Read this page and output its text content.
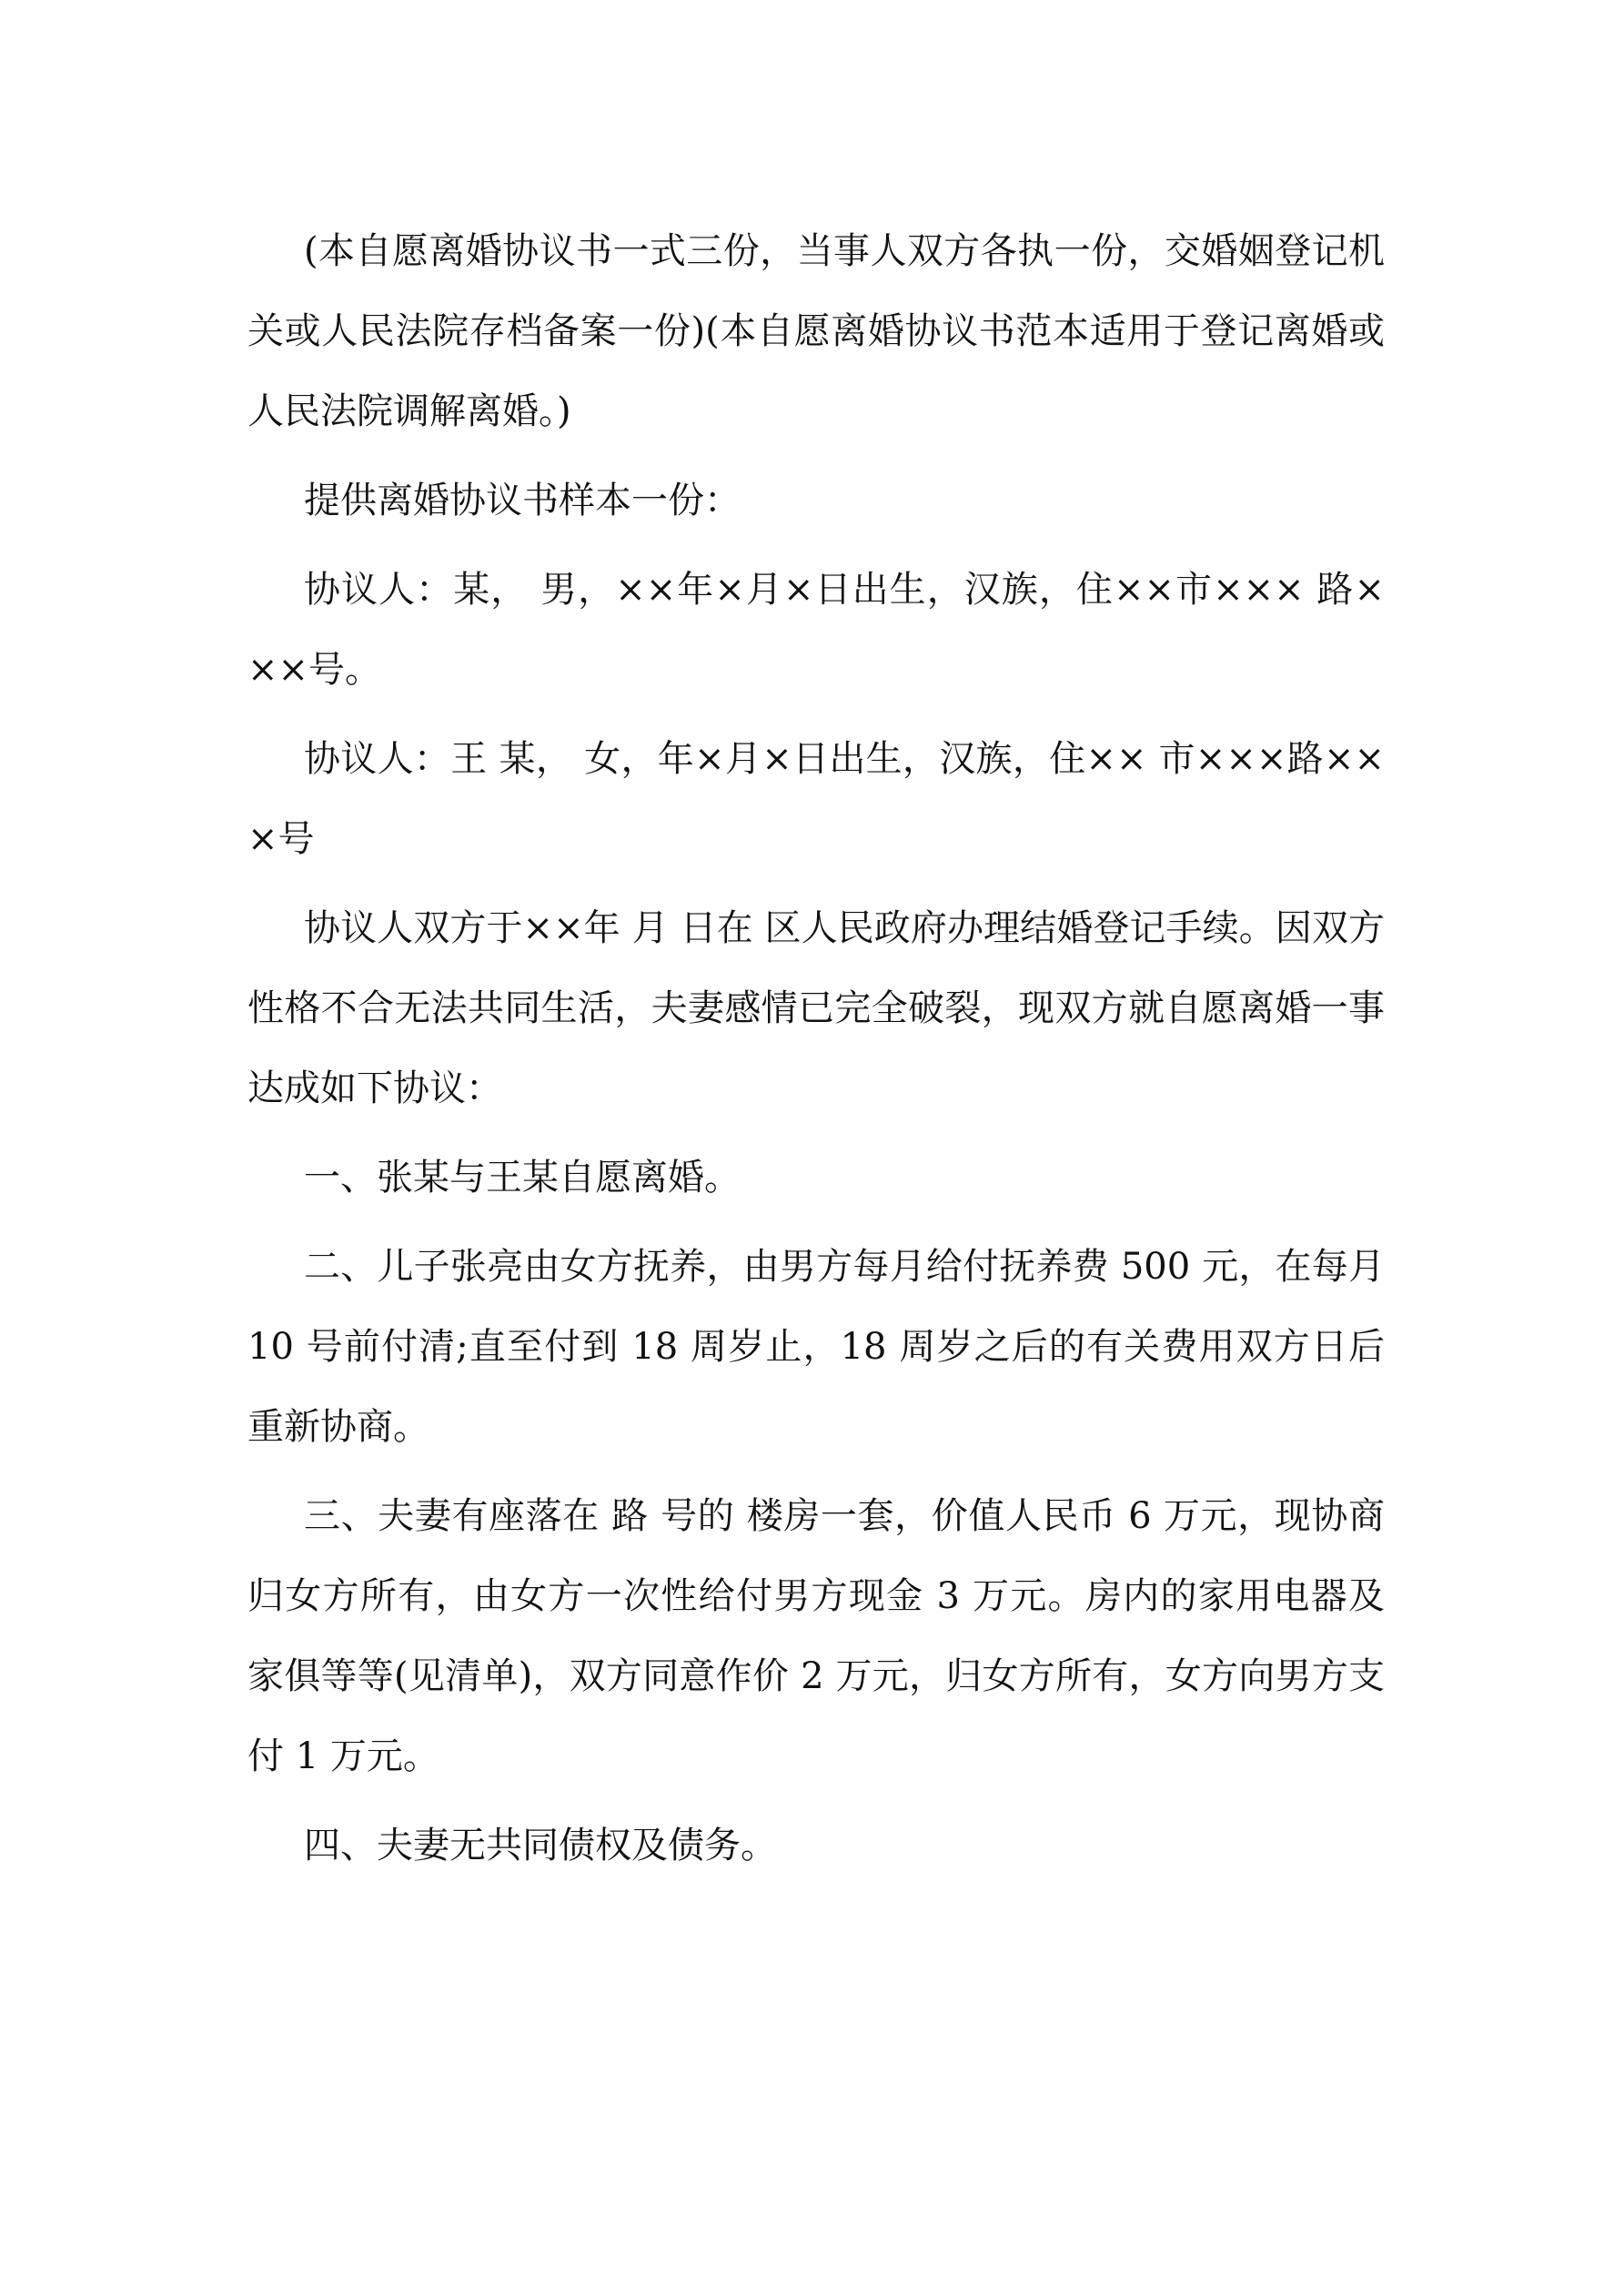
(本自愿离婚协议书一式三份，当事人双方各执一份，交婚姻登记机关或人民法院存档备案一份)(本自愿离婚协议书范本适用于登记离婚或人民法院调解离婚。)

提供离婚协议书样本一份：

协议人：某， 男，××年×月×日出生，汉族，住××市××× 路×××号。

协议人：王 某， 女，年×月×日出生，汉族，住×× 市×××路×××号

协议人双方于××年 月 日在 区人民政府办理结婚登记手续。因双方性格不合无法共同生活，夫妻感情已完全破裂，现双方就自愿离婚一事达成如下协议：

一、张某与王某自愿离婚。

二、儿子张亮由女方抚养，由男方每月给付抚养费 500 元，在每月 10 号前付清;直至付到 18 周岁止，18 周岁之后的有关费用双方日后重新协商。

三、夫妻有座落在 路 号的 楼房一套，价值人民币 6 万元，现协商归女方所有，由女方一次性给付男方现金 3 万元。房内的家用电器及家俱等等(见清单)，双方同意作价 2 万元，归女方所有，女方向男方支付 1 万元。

四、夫妻无共同债权及债务。
